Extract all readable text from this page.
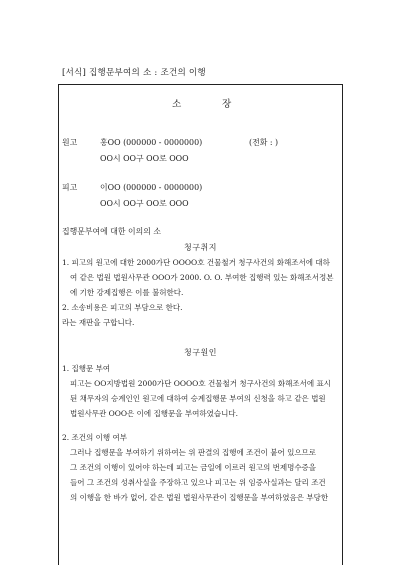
[서식] 집행문부여의 소 : 조건의 이행
소	장
원고	홍OO (000000 - 0000000)	(전화 : )
OO시 OO구 OO로 OOO
피고	이OO (000000 - 0000000)
OO시 OO구 OO로 OOO
집행문부여에 대한 이의의 소
청구취지
1. 피고의 원고에 대한 2000가단 OOOO호 건물철거 청구사건의 화해조서에 대하
여 같은 법원 법원사무관 OOO가 2000. O. O. 부여한 집행력 있는 화해조서정본
에 기한 강제집행은 이를 불허한다.
2. 소송비용은 피고의 부담으로 한다.
라는 재판을 구합니다.
청구원인
1. 집행문 부여
피고는 OO지방법원 2000가단 OOOO호 건물철거 청구사건의 화해조서에 표시
된 채무자의 승계인인 원고에 대하여 승계집행문 부여의 신청을 하고 같은 법원
법원사무관 OOO은 이에 집행문을 부여하였습니다.
2. 조건의 이행 여부
그러나 집행문을 부여하기 위하여는 위 판결의 집행에 조건이 붙어 있으므로
그 조건의 이행이 있어야 하는데 피고는 금일에 이르러 원고의 번제명수증을
들어 그 조건의 성취사실을 주장하고 있으나 피고는 위 임증사실과는 달리 조건
의 이행을 한 바가 없어, 같은 법원 법원사무관이 집행문을 부여하였음은 부당한
